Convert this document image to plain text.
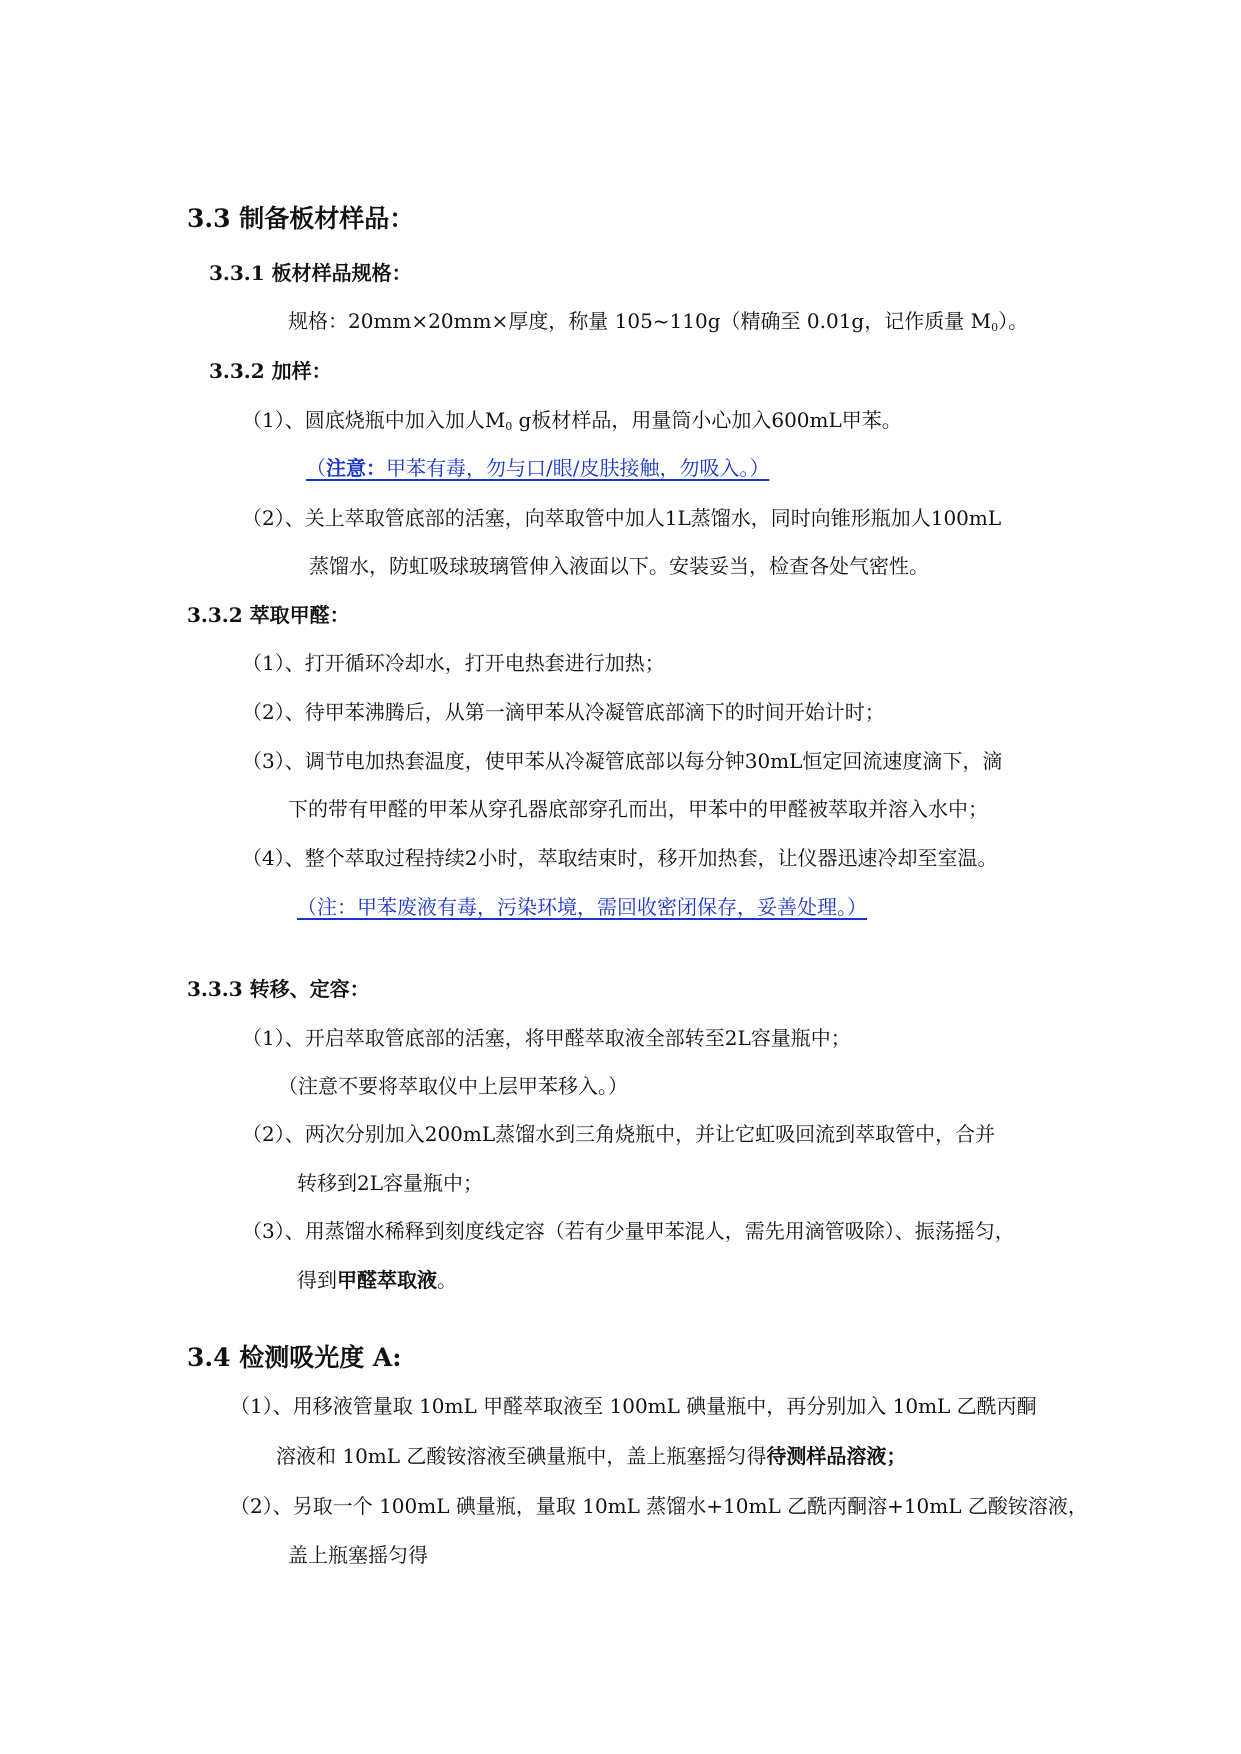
3.3 制备板材样品：
3.3.1 板材样品规格：
规格：20mm×20mm×厚度，称量 105~110g（精确至 0.01g，记作质量 $M_0$）。
3.3.2 加样：
（1）、圆底烧瓶中加入加人$M_0$ g板材样品，用量筒小心加入600mL甲苯。
（注意：甲苯有毒，勿与口/眼/皮肤接触，勿吸入。）
（2）、关上萃取管底部的活塞，向萃取管中加人1L蒸馏水，同时向锥形瓶加人100mL
蒸馏水，防虹吸球玻璃管伸入液面以下。安装妥当，检查各处气密性。
3.3.2 萃取甲醛：
（1）、打开循环冷却水，打开电热套进行加热；
（2）、待甲苯沸腾后，从第一滴甲苯从冷凝管底部滴下的时间开始计时；
（3）、调节电加热套温度，使甲苯从冷凝管底部以每分钟30mL恒定回流速度滴下，滴
下的带有甲醛的甲苯从穿孔器底部穿孔而出，甲苯中的甲醛被萃取并溶入水中；
（4）、整个萃取过程持续2小时，萃取结束时，移开加热套，让仪器迅速冷却至室温。
（注：甲苯废液有毒，污染环境，需回收密闭保存，妥善处理。）
3.3.3 转移、定容：
（1）、开启萃取管底部的活塞，将甲醛萃取液全部转至2L容量瓶中；
（注意不要将萃取仪中上层甲苯移入。）
（2）、两次分别加入200mL蒸馏水到三角烧瓶中，并让它虹吸回流到萃取管中，合并
转移到2L容量瓶中；
（3）、用蒸馏水稀释到刻度线定容（若有少量甲苯混人，需先用滴管吸除）、振荡摇匀，
得到甲醛萃取液。
3.4 检测吸光度 A:
（1）、用移液管量取 10mL 甲醛萃取液至 100mL 碘量瓶中，再分别加入 10mL 乙酰丙酮
溶液和 10mL 乙酸铵溶液至碘量瓶中，盖上瓶塞摇匀得待测样品溶液；
（2）、另取一个 100mL 碘量瓶，量取 10mL 蒸馏水+10mL 乙酰丙酮溶+10mL 乙酸铵溶液，
盖上瓶塞摇匀得
